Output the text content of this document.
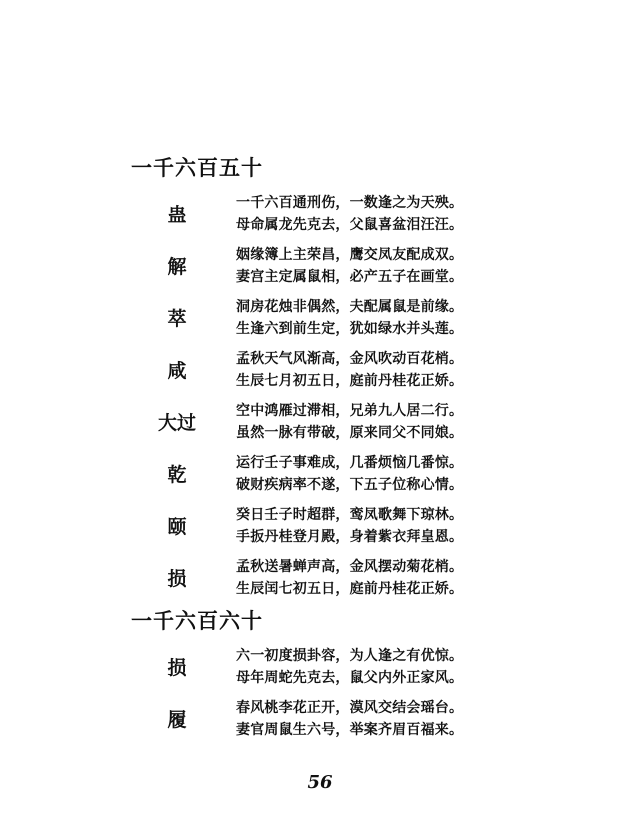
一千六百五十
蛊
一千六百通刑伤，一数逢之为天殃。
母命属龙先克去，父鼠喜盆泪汪汪。
解
姻缘簿上主荣昌，鹰交凤友配成双。
妻宫主定属鼠相，必产五子在画堂。
萃
洞房花烛非偶然，夫配属鼠是前缘。
生逢六到前生定，犹如绿水并头莲。
咸
孟秋天气风渐高，金风吹动百花梢。
生辰七月初五日，庭前丹桂花正娇。
大过
空中鸿雁过滞相，兄弟九人居二行。
虽然一脉有带破，原来同父不同娘。
乾
运行壬子事难成，几番烦恼几番惊。
破财疾病率不遂，下五子位称心情。
颐
癸日壬子时超群，鸾凤歌舞下琼林。
手扳丹桂登月殿，身着紫衣拜皇恩。
损
孟秋送暑蝉声高，金风摆动菊花梢。
生辰闰七初五日，庭前丹桂花正娇。
一千六百六十
损
六一初度损卦容，为人逢之有优惊。
母年周蛇先克去，鼠父内外正家风。
履
春风桃李花正开，漠风交结会瑶台。
妻官周鼠生六号，举案齐眉百福来。
56
